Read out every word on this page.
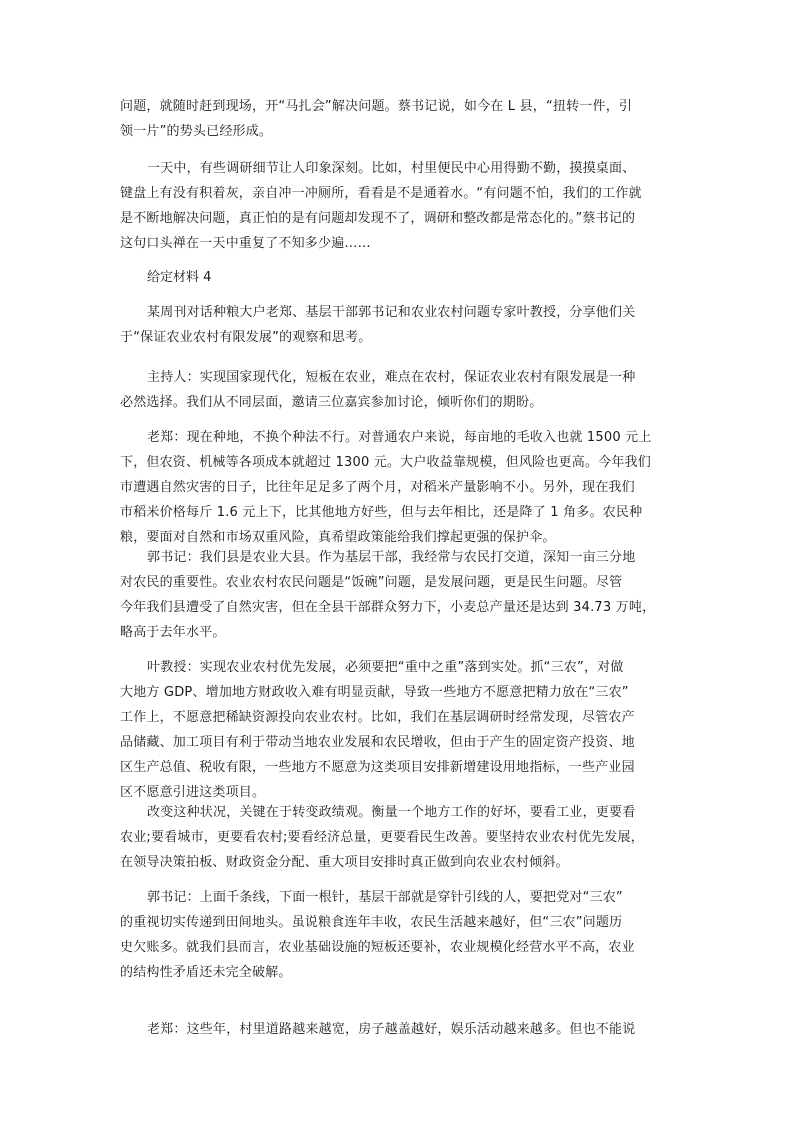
问题，就随时赶到现场，开“马扎会”解决问题。蔡书记说，如今在 L 县，“扭转一件，引
领一片”的势头已经形成。

一天中，有些调研细节让人印象深刻。比如，村里便民中心用得勤不勤，摸摸桌面、
键盘上有没有积着灰，亲自冲一冲厕所，看看是不是通着水。“有问题不怕，我们的工作就
是不断地解决问题，真正怕的是有问题却发现不了，调研和整改都是常态化的。”蔡书记的
这句口头禅在一天中重复了不知多少遍……

给定材料 4

某周刊对话种粮大户老郑、基层干部郭书记和农业农村问题专家叶教授，分享他们关
于“保证农业农村有限发展”的观察和思考。

主持人：实现国家现代化，短板在农业，难点在农村，保证农业农村有限发展是一种
必然选择。我们从不同层面，邀请三位嘉宾参加讨论，倾听你们的期盼。

老郑：现在种地，不换个种法不行。对普通农户来说，每亩地的毛收入也就 1500 元上
下，但农资、机械等各项成本就超过 1300 元。大户收益靠规模，但风险也更高。今年我们
市遭遇自然灾害的日子，比往年足足多了两个月，对稻米产量影响不小。另外，现在我们
市稻米价格每斤 1.6 元上下，比其他地方好些，但与去年相比，还是降了 1 角多。农民种
粮，要面对自然和市场双重风险，真希望政策能给我们撑起更强的保护伞。

郭书记：我们县是农业大县。作为基层干部，我经常与农民打交道，深知一亩三分地
对农民的重要性。农业农村农民问题是“饭碗”问题，是发展问题，更是民生问题。尽管
今年我们县遭受了自然灾害，但在全县干部群众努力下，小麦总产量还是达到 34.73 万吨，
略高于去年水平。

叶教授：实现农业农村优先发展，必须要把“重中之重”落到实处。抓“三农”，对做
大地方 GDP、增加地方财政收入难有明显贡献，导致一些地方不愿意把精力放在“三农”
工作上，不愿意把稀缺资源投向农业农村。比如，我们在基层调研时经常发现，尽管农产
品储藏、加工项目有利于带动当地农业发展和农民增收，但由于产生的固定资产投资、地
区生产总值、税收有限，一些地方不愿意为这类项目安排新增建设用地指标，一些产业园
区不愿意引进这类项目。

改变这种状况，关键在于转变政绩观。衡量一个地方工作的好坏，要看工业，更要看
农业;要看城市，更要看农村;要看经济总量，更要看民生改善。要坚持农业农村优先发展，
在领导决策拍板、财政资金分配、重大项目安排时真正做到向农业农村倾斜。

郭书记：上面千条线，下面一根针，基层干部就是穿针引线的人，要把党对“三农”
的重视切实传递到田间地头。虽说粮食连年丰收，农民生活越来越好，但“三农”问题历
史欠账多。就我们县而言，农业基础设施的短板还要补，农业规模化经营水平不高，农业
的结构性矛盾还未完全破解。

老郑：这些年，村里道路越来越宽，房子越盖越好，娱乐活动越来越多。但也不能说
